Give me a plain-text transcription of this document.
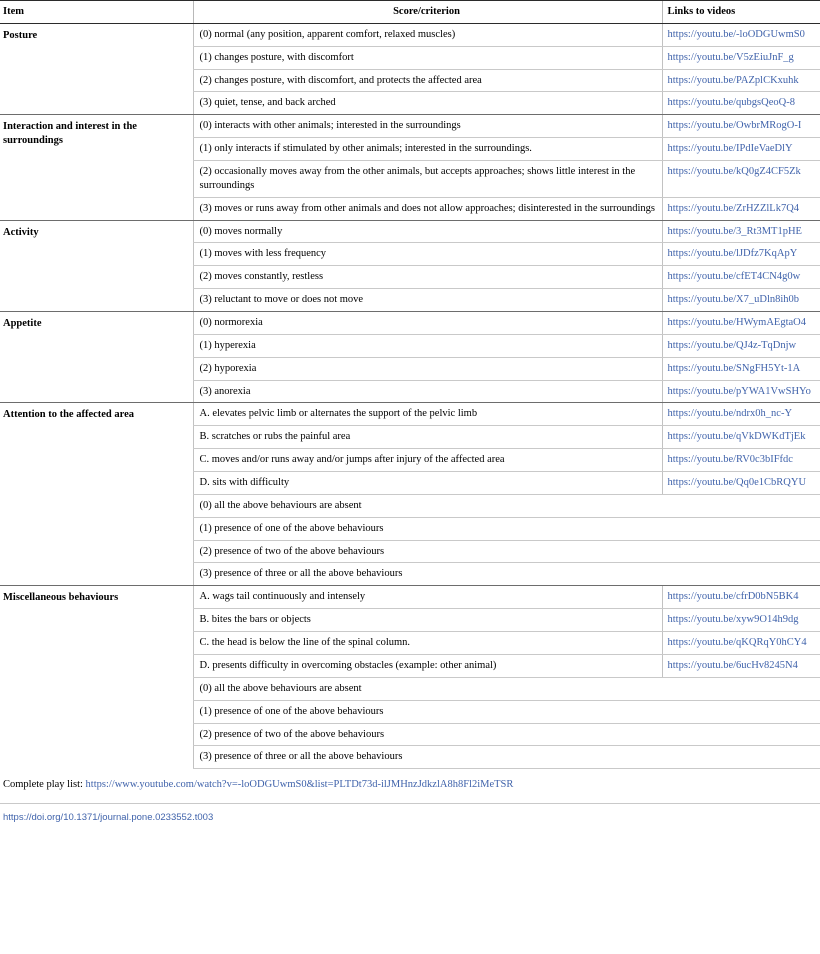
Item	Score/criterion	Links to videos
Posture	(0) normal (any position, apparent comfort, relaxed muscles)	https://youtu.be/-loODGUwmS0
	(1) changes posture, with discomfort	https://youtu.be/V5zEiuJnF_g
	(2) changes posture, with discomfort, and protects the affected area	https://youtu.be/PAZplCKxuhk
	(3) quiet, tense, and back arched	https://youtu.be/qubgsQeoQ-8
Interaction and interest in the surroundings	(0) interacts with other animals; interested in the surroundings	https://youtu.be/OwbrMRogO-I
	(1) only interacts if stimulated by other animals; interested in the surroundings.	https://youtu.be/IPdIeVaeDlY
	(2) occasionally moves away from the other animals, but accepts approaches; shows little interest in the surroundings	https://youtu.be/kQ0gZ4CF5Zk
	(3) moves or runs away from other animals and does not allow approaches; disinterested in the surroundings	https://youtu.be/ZrHZZlLk7Q4
Activity	(0) moves normally	https://youtu.be/3_Rt3MT1pHE
	(1) moves with less frequency	https://youtu.be/lJDfz7KqApY
	(2) moves constantly, restless	https://youtu.be/cfET4CN4g0w
	(3) reluctant to move or does not move	https://youtu.be/X7_uDln8ih0b
Appetite	(0) normorexia	https://youtu.be/HWymAEgtaO4
	(1) hyperexia	https://youtu.be/QJ4z-TqDnjw
	(2) hyporexia	https://youtu.be/SNgFH5Yt-1A
	(3) anorexia	https://youtu.be/pYWA1VwSHYo
Attention to the affected area	A. elevates pelvic limb or alternates the support of the pelvic limb	https://youtu.be/ndrx0h_nc-Y
	B. scratches or rubs the painful area	https://youtu.be/qVkDWKdTjEk
	C. moves and/or runs away and/or jumps after injury of the affected area	https://youtu.be/RV0c3bIFfdc
	D. sits with difficulty	https://youtu.be/Qq0e1CbRQYU
	(0) all the above behaviours are absent	
	(1) presence of one of the above behaviours	
	(2) presence of two of the above behaviours	
	(3) presence of three or all the above behaviours	
Miscellaneous behaviours	A. wags tail continuously and intensely	https://youtu.be/cfrD0bN5BK4
	B. bites the bars or objects	https://youtu.be/xyw9O14h9dg
	C. the head is below the line of the spinal column.	https://youtu.be/qKQRqY0hCY4
	D. presents difficulty in overcoming obstacles (example: other animal)	https://youtu.be/6ucHv8245N4
	(0) all the above behaviours are absent	
	(1) presence of one of the above behaviours	
	(2) presence of two of the above behaviours	
	(3) presence of three or all the above behaviours	
Complete play list: https://www.youtube.com/watch?v=-loODGUwmS0&list=PLTDt73d-ilJMHnzJdkzlA8h8Fl2iMeTSR
https://doi.org/10.1371/journal.pone.0233552.t003
